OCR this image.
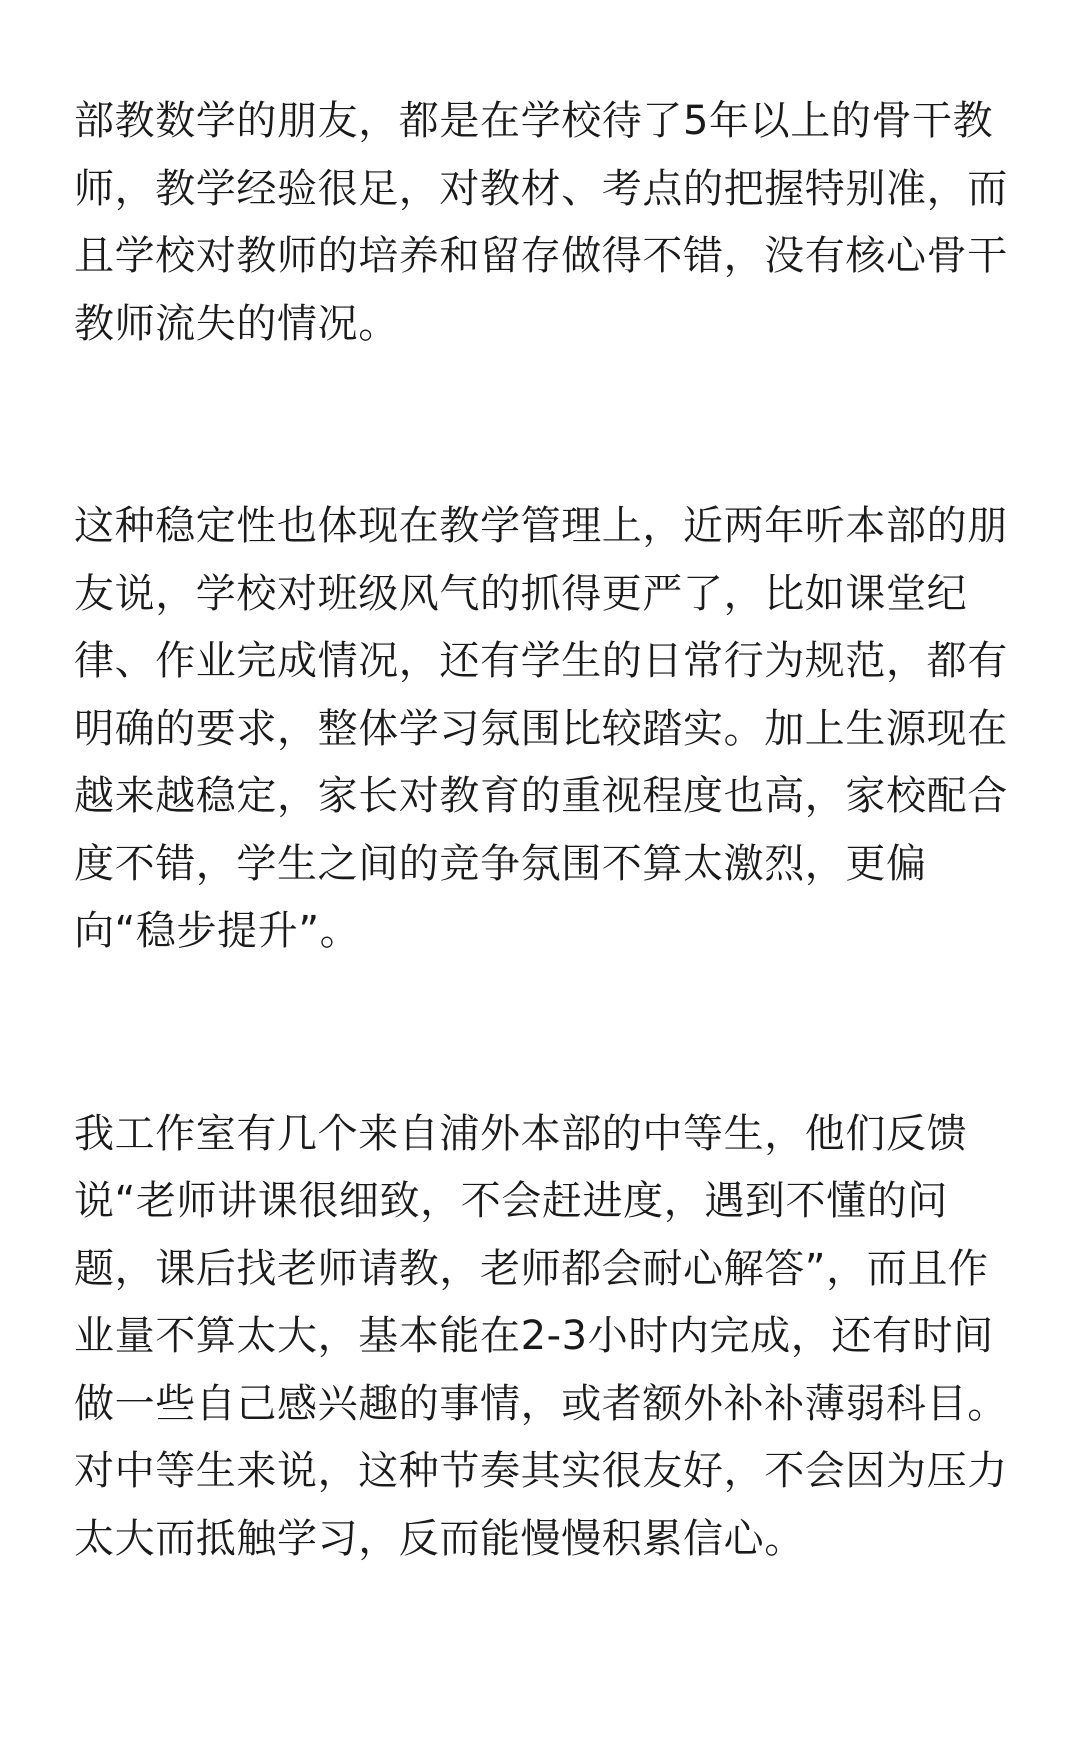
部教数学的朋友，都是在学校待了5年以上的骨干教师，教学经验很足，对教材、考点的把握特别准，而且学校对教师的培养和留存做得不错，没有核心骨干教师流失的情况。

这种稳定性也体现在教学管理上，近两年听本部的朋友说，学校对班级风气的抓得更严了，比如课堂纪律、作业完成情况，还有学生的日常行为规范，都有明确的要求，整体学习氛围比较踏实。加上生源现在越来越稳定，家长对教育的重视程度也高，家校配合度不错，学生之间的竞争氛围不算太激烈，更偏向“稳步提升”。

我工作室有几个来自浦外本部的中等生，他们反馈说“老师讲课很细致，不会赶进度，遇到不懂的问题，课后找老师请教，老师都会耐心解答”，而且作业量不算太大，基本能在2-3小时内完成，还有时间做一些自己感兴趣的事情，或者额外补补薄弱科目。对中等生来说，这种节奏其实很友好，不会因为压力太大而抵触学习，反而能慢慢积累信心。
